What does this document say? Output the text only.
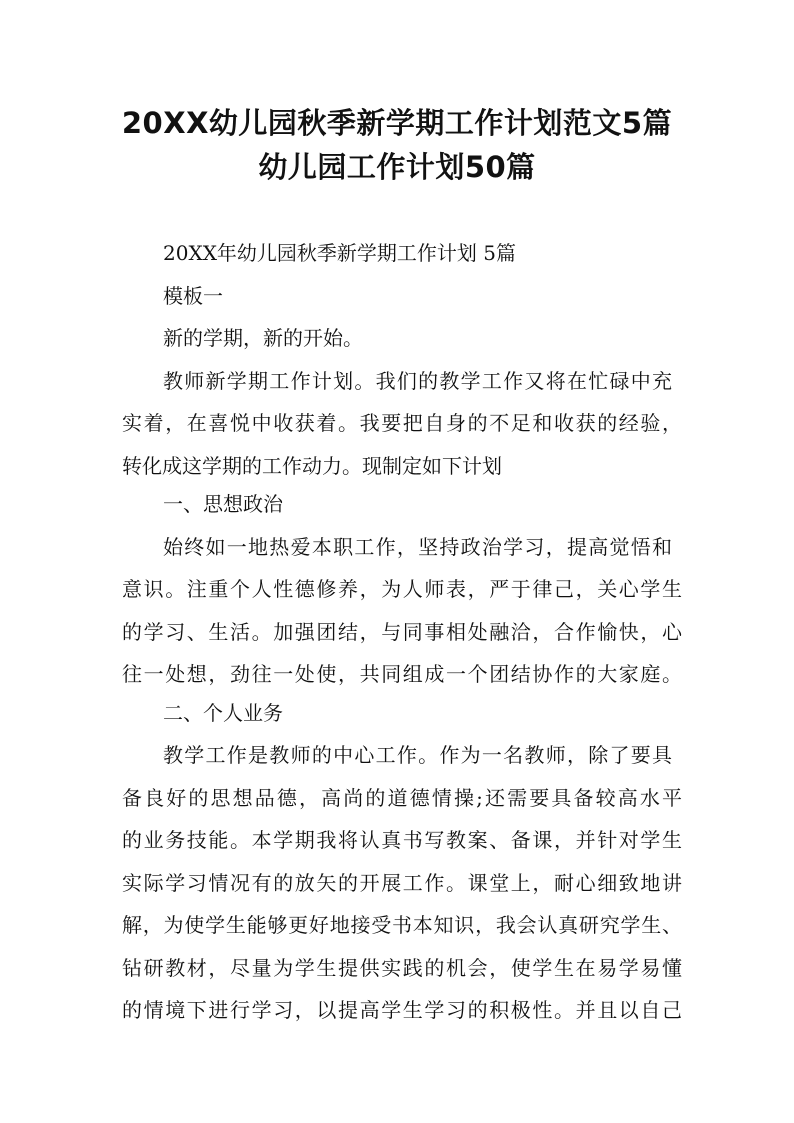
20XX幼儿园秋季新学期工作计划范文5篇
幼儿园工作计划50篇
20XX年幼儿园秋季新学期工作计划 5篇
模板一
新的学期，新的开始。
教师新学期工作计划。我们的教学工作又将在忙碌中充
实着，在喜悦中收获着。我要把自身的不足和收获的经验，
转化成这学期的工作动力。现制定如下计划
一、思想政治
始终如一地热爱本职工作，坚持政治学习，提高觉悟和
意识。注重个人性德修养，为人师表，严于律己，关心学生
的学习、生活。加强团结，与同事相处融洽，合作愉快，心
往一处想，劲往一处使，共同组成一个团结协作的大家庭。
二、个人业务
教学工作是教师的中心工作。作为一名教师，除了要具
备良好的思想品德，高尚的道德情操;还需要具备较高水平
的业务技能。本学期我将认真书写教案、备课，并针对学生
实际学习情况有的放矢的开展工作。课堂上，耐心细致地讲
解，为使学生能够更好地接受书本知识，我会认真研究学生、
钻研教材，尽量为学生提供实践的机会，使学生在易学易懂
的情境下进行学习，以提高学生学习的积极性。并且以自己
